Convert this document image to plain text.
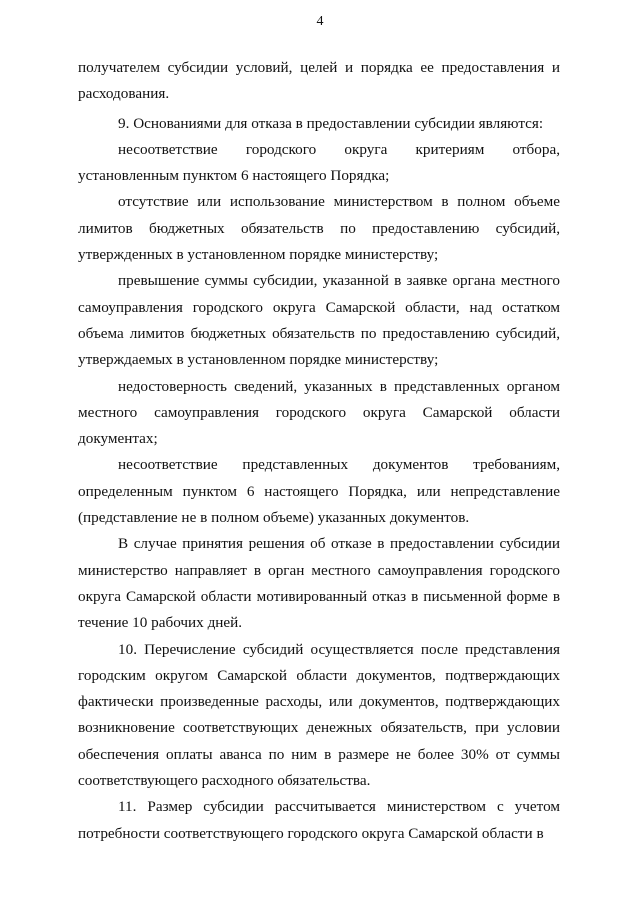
4

получателем субсидии условий, целей и порядка ее предоставления и расходования.

9. Основаниями для отказа в предоставлении субсидии являются:

несоответствие городского округа критериям отбора, установленным пунктом 6 настоящего Порядка;

отсутствие или использование министерством в полном объеме лимитов бюджетных обязательств по предоставлению субсидий, утвержденных в установленном порядке министерству;

превышение суммы субсидии, указанной в заявке органа местного самоуправления городского округа Самарской области, над остатком объема лимитов бюджетных обязательств по предоставлению субсидий, утверждаемых в установленном порядке министерству;

недостоверность сведений, указанных в представленных органом местного самоуправления городского округа Самарской области документах;

несоответствие представленных документов требованиям, определенным пунктом 6 настоящего Порядка, или непредставление (представление не в полном объеме) указанных документов.

В случае принятия решения об отказе в предоставлении субсидии министерство направляет в орган местного самоуправления городского округа Самарской области мотивированный отказ в письменной форме в течение 10 рабочих дней.

10. Перечисление субсидий осуществляется после представления городским округом Самарской области документов, подтверждающих фактически произведенные расходы, или документов, подтверждающих возникновение соответствующих денежных обязательств, при условии обеспечения оплаты аванса по ним в размере не более 30% от суммы соответствующего расходного обязательства.

11. Размер субсидии рассчитывается министерством с учетом потребности соответствующего городского округа Самарской области в
